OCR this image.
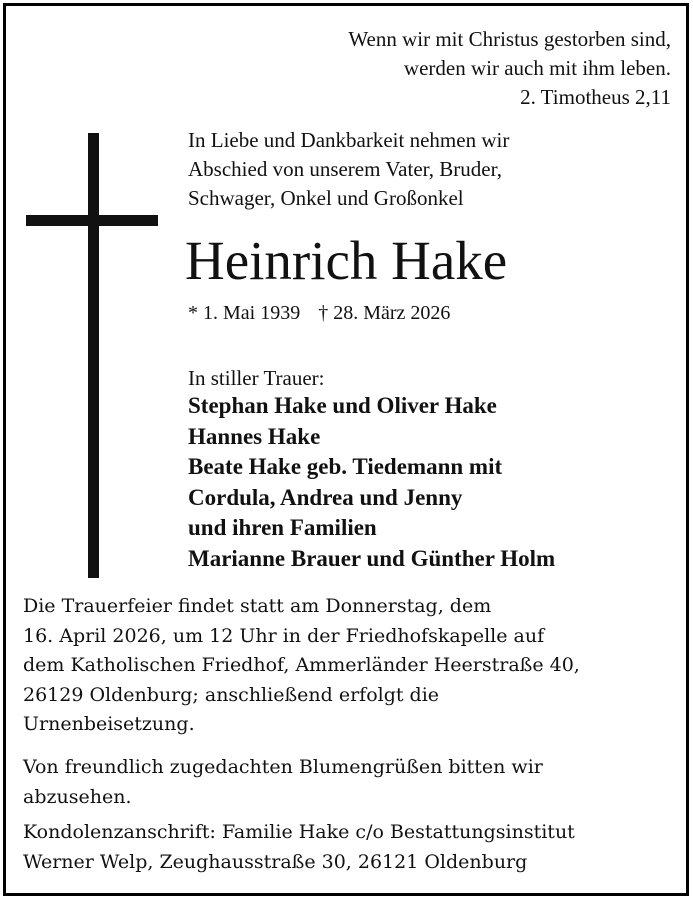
Wenn wir mit Christus gestorben sind,
werden wir auch mit ihm leben.
2. Timotheus 2,11
In Liebe und Dankbarkeit nehmen wir
Abschied von unserem Vater, Bruder,
Schwager, Onkel und Großonkel
Heinrich Hake
* 1. Mai 1939 † 28. März 2026
In stiller Trauer:
Stephan Hake und Oliver Hake
Hannes Hake
Beate Hake geb. Tiedemann mit
Cordula, Andrea und Jenny
und ihren Familien
Marianne Brauer und Günther Holm
Die Trauerfeier findet statt am Donnerstag, dem
16. April 2026, um 12 Uhr in der Friedhofskapelle auf
dem Katholischen Friedhof, Ammerländer Heerstraße 40,
26129 Oldenburg; anschließend erfolgt die
Urnenbeisetzung.
Von freundlich zugedachten Blumengrüßen bitten wir
abzusehen.
Kondolenzanschrift: Familie Hake c/o Bestattungsinstitut
Werner Welp, Zeughausstraße 30, 26121 Oldenburg
